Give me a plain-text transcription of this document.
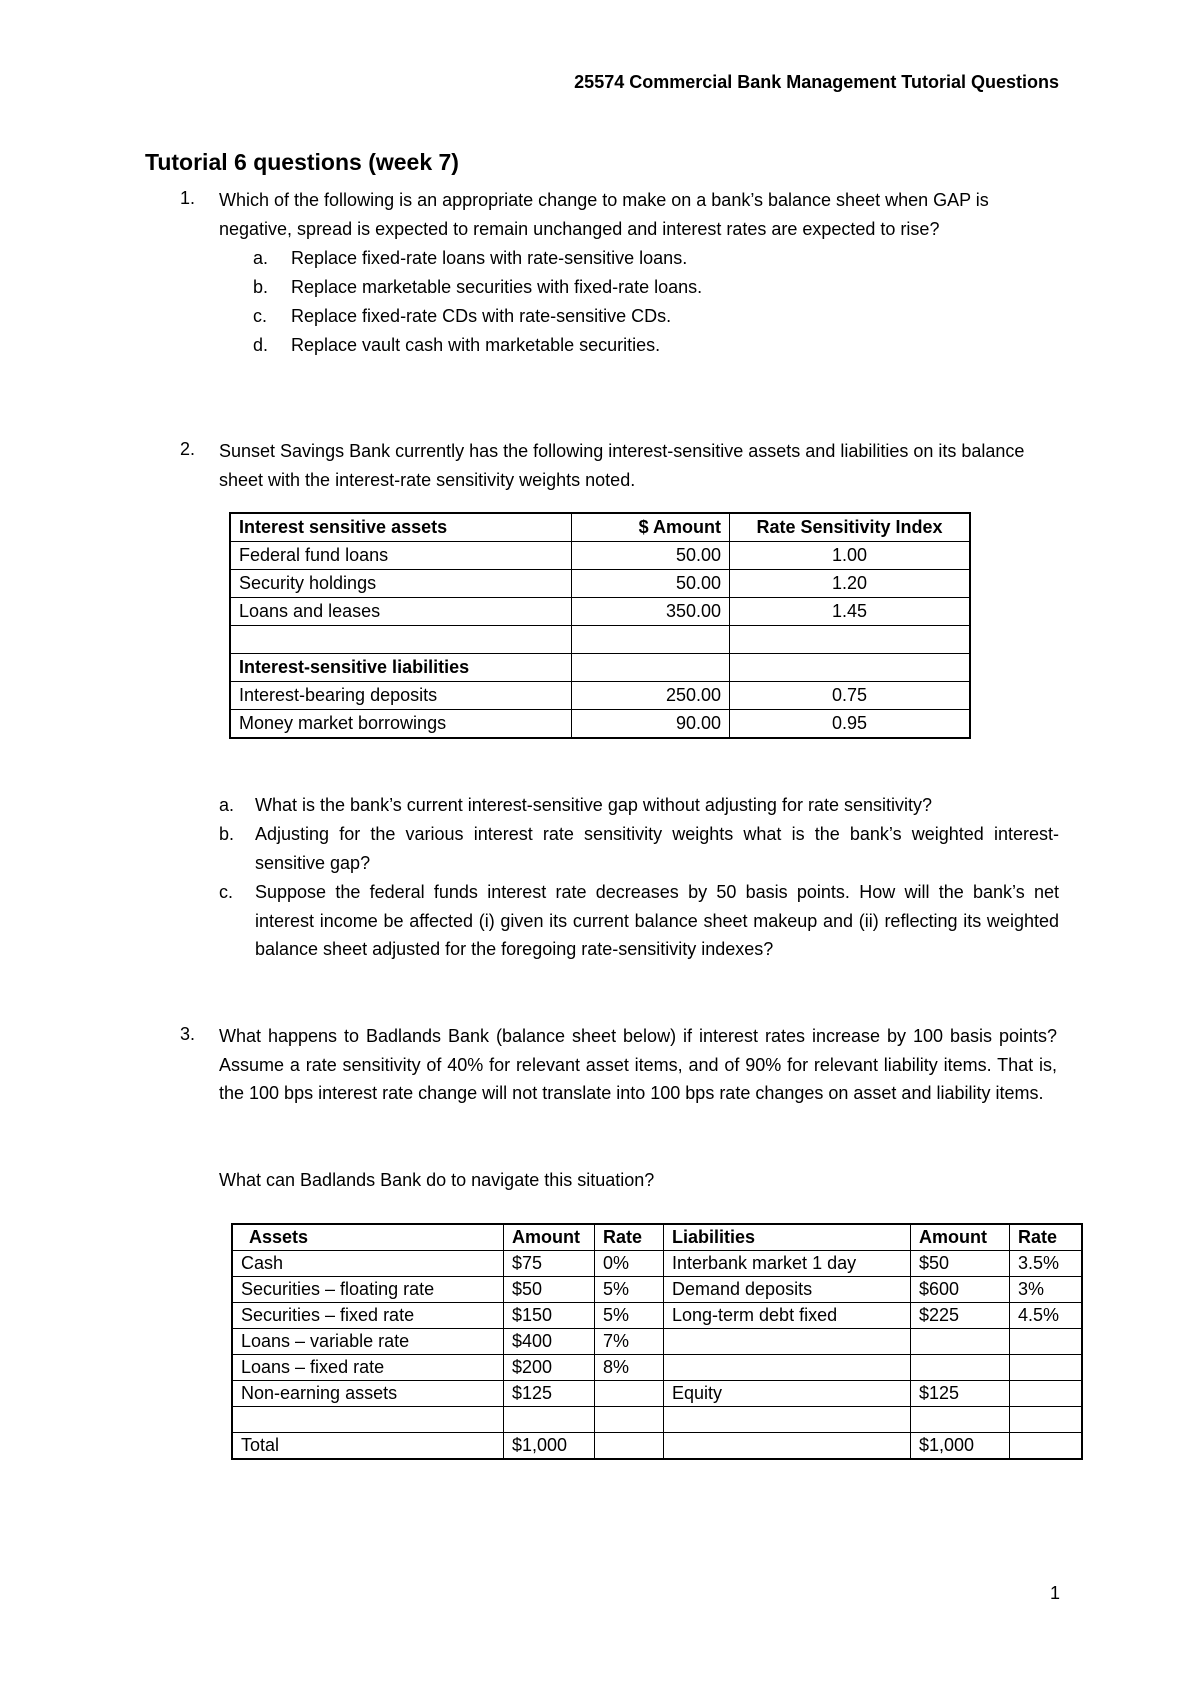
25574 Commercial Bank Management Tutorial Questions
Tutorial 6 questions (week 7)
1. Which of the following is an appropriate change to make on a bank’s balance sheet when GAP is negative, spread is expected to remain unchanged and interest rates are expected to rise?
a. Replace fixed-rate loans with rate-sensitive loans.
b. Replace marketable securities with fixed-rate loans.
c. Replace fixed-rate CDs with rate-sensitive CDs.
d. Replace vault cash with marketable securities.
2. Sunset Savings Bank currently has the following interest-sensitive assets and liabilities on its balance sheet with the interest-rate sensitivity weights noted.
Interest sensitive assets	$ Amount	Rate Sensitivity Index
Federal fund loans	50.00	1.00
Security holdings	50.00	1.20
Loans and leases	350.00	1.45

Interest-sensitive liabilities		
Interest-bearing deposits	250.00	0.75
Money market borrowings	90.00	0.95
a. What is the bank’s current interest-sensitive gap without adjusting for rate sensitivity?
b. Adjusting for the various interest rate sensitivity weights what is the bank’s weighted interest-sensitive gap?
c. Suppose the federal funds interest rate decreases by 50 basis points. How will the bank’s net interest income be affected (i) given its current balance sheet makeup and (ii) reflecting its weighted balance sheet adjusted for the foregoing rate-sensitivity indexes?
3. What happens to Badlands Bank (balance sheet below) if interest rates increase by 100 basis points? Assume a rate sensitivity of 40% for relevant asset items, and of 90% for relevant liability items. That is, the 100 bps interest rate change will not translate into 100 bps rate changes on asset and liability items.
What can Badlands Bank do to navigate this situation?
Assets	Amount	Rate	Liabilities	Amount	Rate
Cash	$75	0%	Interbank market 1 day	$50	3.5%
Securities – floating rate	$50	5%	Demand deposits	$600	3%
Securities – fixed rate	$150	5%	Long-term debt fixed	$225	4.5%
Loans – variable rate	$400	7%			
Loans – fixed rate	$200	8%			
Non-earning assets	$125		Equity	$125	

Total	$1,000			$1,000	
1
